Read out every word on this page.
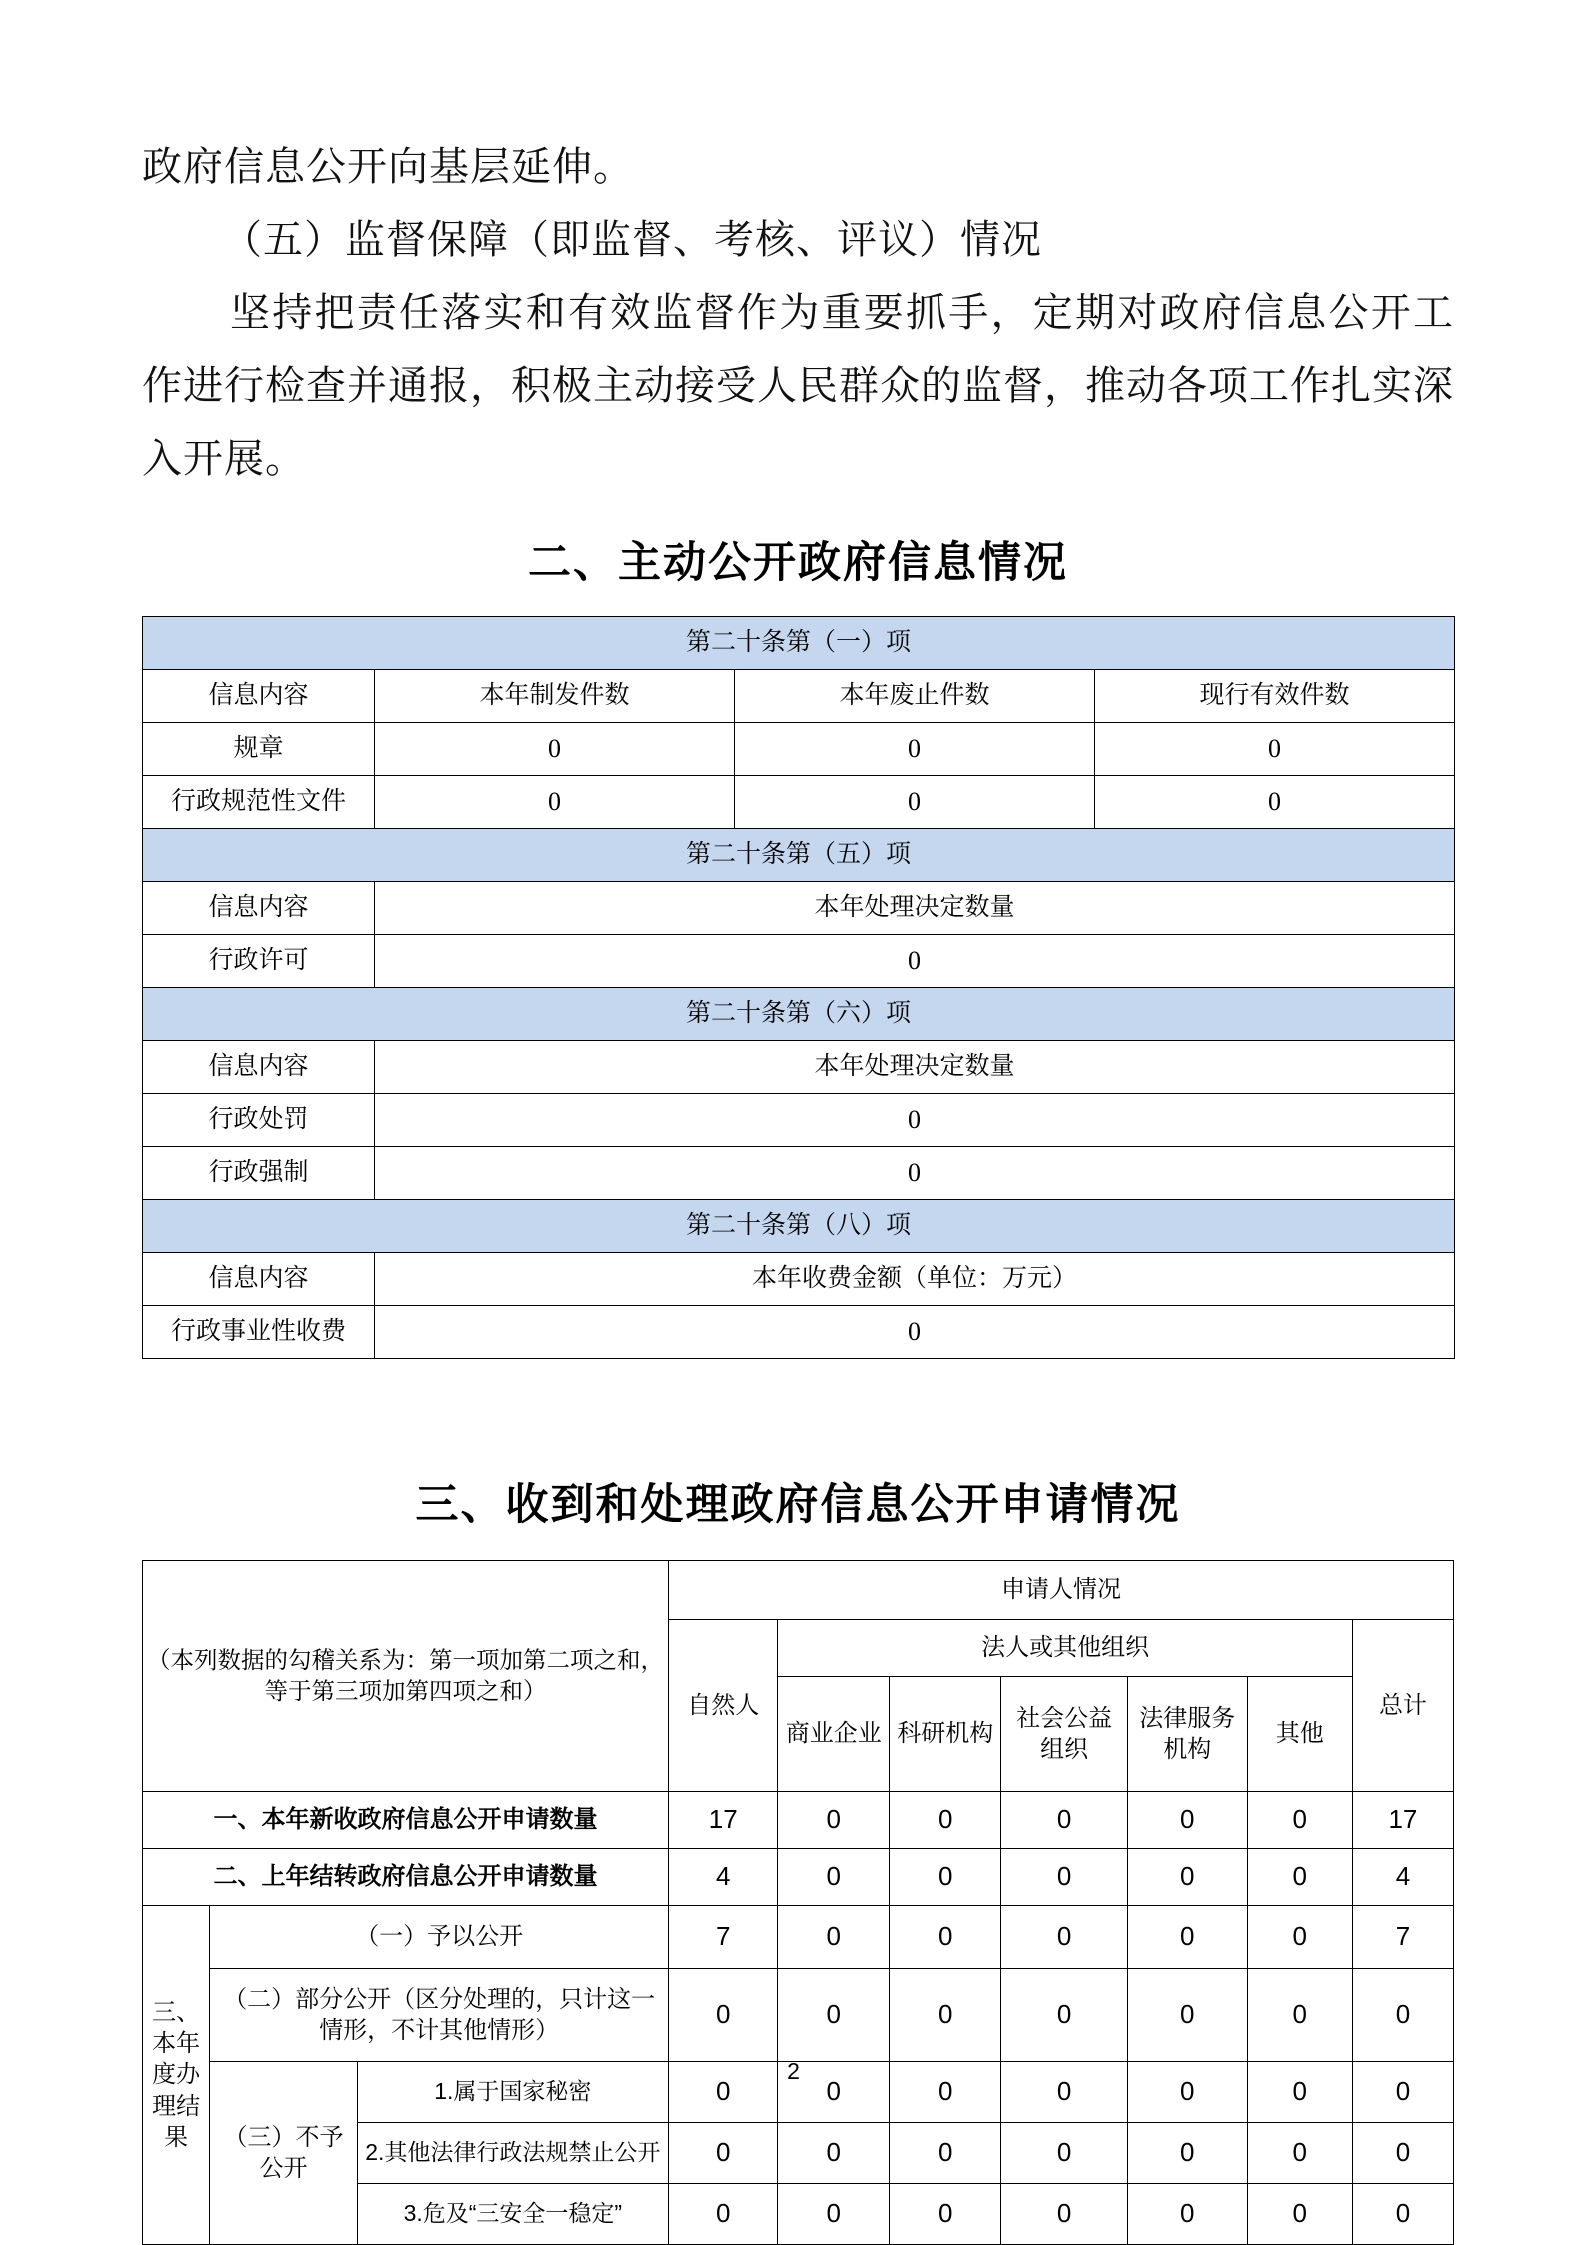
政府信息公开向基层延伸。

（五）监督保障（即监督、考核、评议）情况

坚持把责任落实和有效监督作为重要抓手，定期对政府信息公开工作进行检查并通报，积极主动接受人民群众的监督，推动各项工作扎实深入开展。

二、主动公开政府信息情况
第二十条第（一）项			
信息内容	本年制发件数	本年废止件数	现行有效件数
规章	0	0	0
行政规范性文件	0	0	0
第二十条第（五）项			
信息内容	本年处理决定数量		
行政许可	0		
第二十条第（六）项			
信息内容	本年处理决定数量		
行政处罚	0		
行政强制	0		
第二十条第（八）项			
信息内容	本年收费金额（单位：万元）		
行政事业性收费	0		
三、收到和处理政府信息公开申请情况
（本列数据的勾稽关系为：第一项加第二项之和，等于第三项加第四项之和）			申请人情况						
			自然人	法人或其他组织					总计
				商业企业	科研机构	社会公益组织	法律服务机构	其他	
一、本年新收政府信息公开申请数量			17	0	0	0	0	0	17
二、上年结转政府信息公开申请数量			4	0	0	0	0	0	4
三、本年度办理结果	（一）予以公开		7	0	0	0	0	0	7
	（二）部分公开（区分处理的，只计这一情形，不计其他情形）		0	0	0	0	0	0	0
	（三）不予公开	1.属于国家秘密	0	0	0	0	0	0	0
		2.其他法律行政法规禁止公开	0	0	0	0	0	0	0
		3.危及“三安全一稳定”	0	0	0	0	0	0	0
2
